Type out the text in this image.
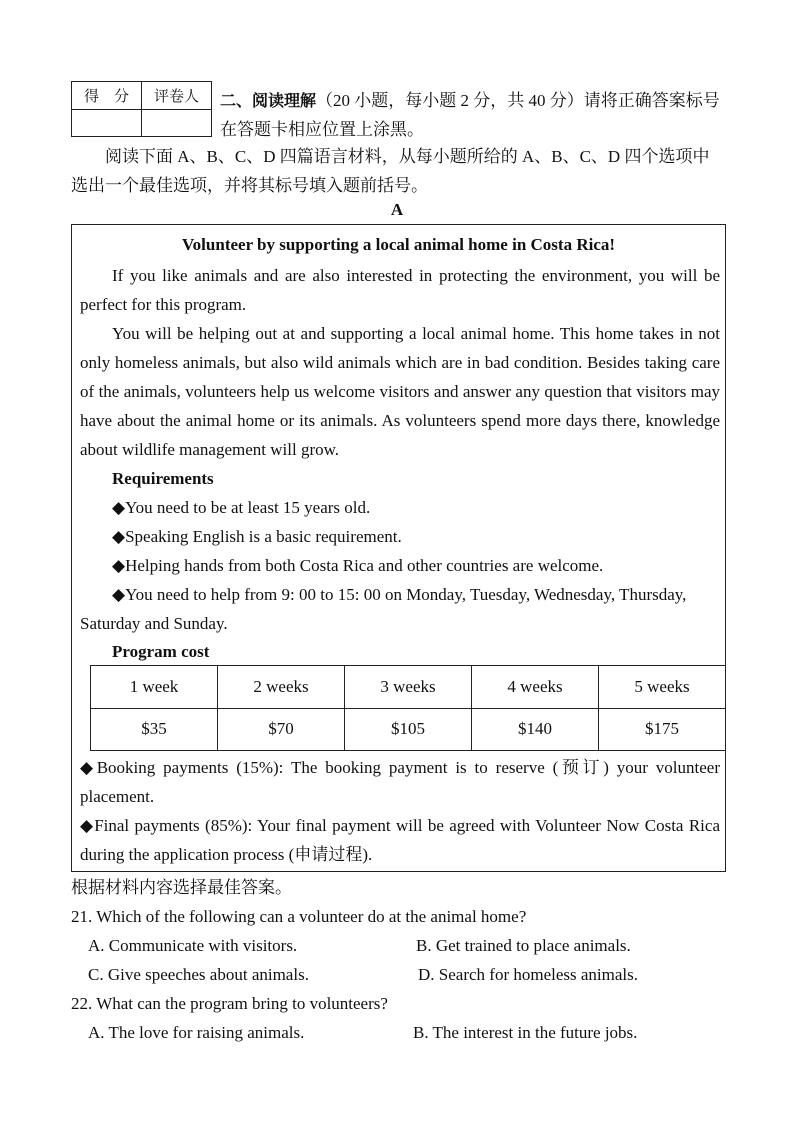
得　分	评卷人
	二、阅读理解（20 小题，每小题 2 分，共 40 分）请将正确答案标号在答题卡相应位置上涂黑。
阅读下面 A、B、C、D 四篇语言材料，从每小题所给的 A、B、C、D 四个选项中选出一个最佳选项，并将其标号填入题前括号。
A
Volunteer by supporting a local animal home in Costa Rica!
If you like animals and are also interested in protecting the environment, you will be perfect for this program.
You will be helping out at and supporting a local animal home. This home takes in not only homeless animals, but also wild animals which are in bad condition. Besides taking care of the animals, volunteers help us welcome visitors and answer any question that visitors may have about the animal home or its animals. As volunteers spend more days there, knowledge about wildlife management will grow.
Requirements
◆You need to be at least 15 years old.
◆Speaking English is a basic requirement.
◆Helping hands from both Costa Rica and other countries are welcome.
◆You need to help from 9: 00 to 15: 00 on Monday, Tuesday, Wednesday, Thursday, Saturday and Sunday.
Program cost
1 week	2 weeks	3 weeks	4 weeks	5 weeks
$35	$70	$105	$140	$175
◆Booking payments (15%): The booking payment is to reserve (预订) your volunteer placement.
◆Final payments (85%): Your final payment will be agreed with Volunteer Now Costa Rica during the application process (申请过程).
根据材料内容选择最佳答案。
21. Which of the following can a volunteer do at the animal home?
A. Communicate with visitors.	B. Get trained to place animals.
C. Give speeches about animals.	D. Search for homeless animals.
22. What can the program bring to volunteers?
A. The love for raising animals.	B. The interest in the future jobs.
